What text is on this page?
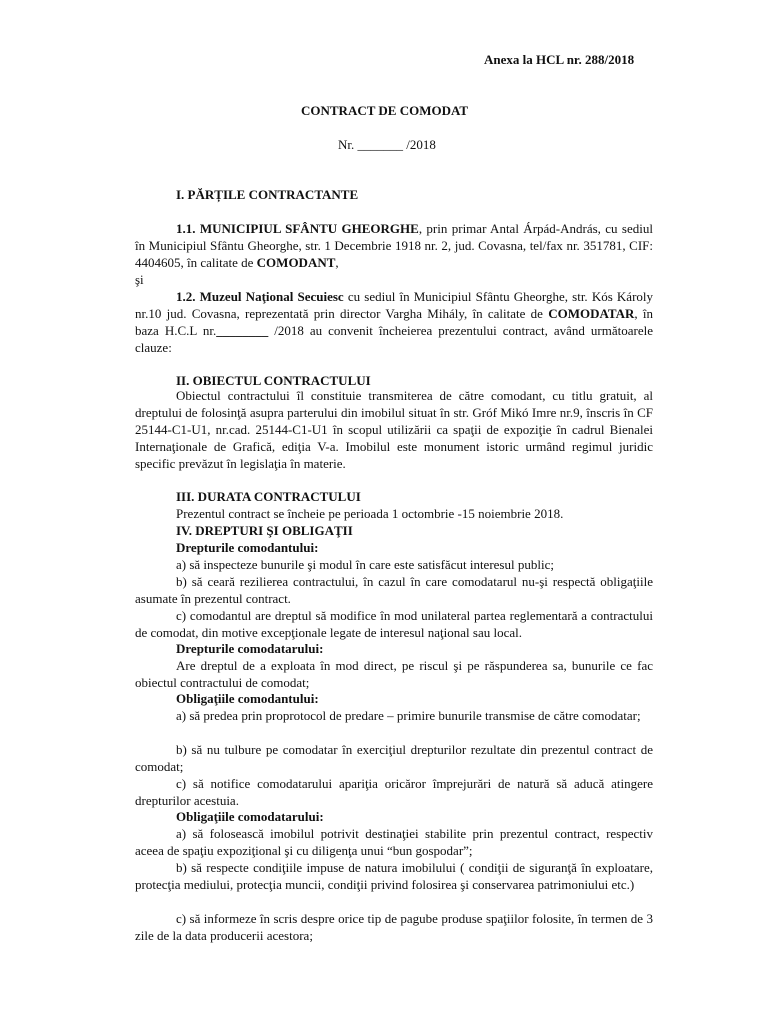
Anexa la HCL nr. 288/2018
CONTRACT DE COMODAT
Nr. _______ /2018
I. PĂRȚILE CONTRACTANTE
1.1. MUNICIPIUL SFÂNTU GHEORGHE, prin primar Antal Árpád-András, cu sediul în Municipiul Sfântu Gheorghe, str. 1 Decembrie 1918 nr. 2, jud. Covasna, tel/fax nr. 351781, CIF: 4404605, în calitate de COMODANT,
şi
1.2. Muzeul Naţional Secuiesc cu sediul în Municipiul Sfântu Gheorghe, str. Kós Károly nr.10 jud. Covasna, reprezentată prin director Vargha Mihály, în calitate de COMODATAR, în baza H.C.L nr.________ /2018 au convenit încheierea prezentului contract, având următoarele clauze:
II. OBIECTUL CONTRACTULUI
Obiectul contractului îl constituie transmiterea de către comodant, cu titlu gratuit, al dreptului de folosinţă asupra parterului din imobilul situat în str. Gróf Mikó Imre nr.9, înscris în CF 25144-C1-U1, nr.cad. 25144-C1-U1 în scopul utilizării ca spaţii de expoziţie în cadrul Bienalei Internaţionale de Grafică, ediţia V-a. Imobilul este monument istoric urmând regimul juridic specific prevăzut în legislaţia în materie.
III. DURATA CONTRACTULUI
Prezentul contract se încheie pe perioada 1 octombrie -15 noiembrie 2018.
IV. DREPTURI ŞI OBLIGAŢII
Drepturile comodantului:
a) să inspecteze bunurile şi modul în care este satisfăcut interesul public;
b) să ceară rezilierea contractului, în cazul în care comodatarul nu-şi respectă obligaţiile asumate în prezentul contract.
c) comodantul are dreptul să modifice în mod unilateral partea reglementară a contractului de comodat, din motive excepţionale legate de interesul naţional sau local.
Drepturile comodatarului:
Are dreptul de a exploata în mod direct, pe riscul şi pe răspunderea sa, bunurile ce fac obiectul contractului de comodat;
Obligaţiile comodantului:
a) să predea prin proprotocol de predare – primire bunurile transmise de către comodatar;
b) să nu tulbure pe comodatar în exerciţiul drepturilor rezultate din prezentul contract de comodat;
c) să notifice comodatarului apariţia oricăror împrejurări de natură să aducă atingere drepturilor acestuia.
Obligaţiile comodatarului:
a) să folosească imobilul potrivit destinaţiei stabilite prin prezentul contract, respectiv aceea de spaţiu expoziţional şi cu diligenţa unui “bun gospodar”;
b) să respecte condiţiile impuse de natura imobilului ( condiţii de siguranţă în exploatare, protecţia mediului, protecţia muncii, condiţii privind folosirea şi conservarea patrimoniului etc.)
c) să informeze în scris despre orice tip de pagube produse spaţiilor folosite, în termen de 3 zile de la data producerii acestora;
